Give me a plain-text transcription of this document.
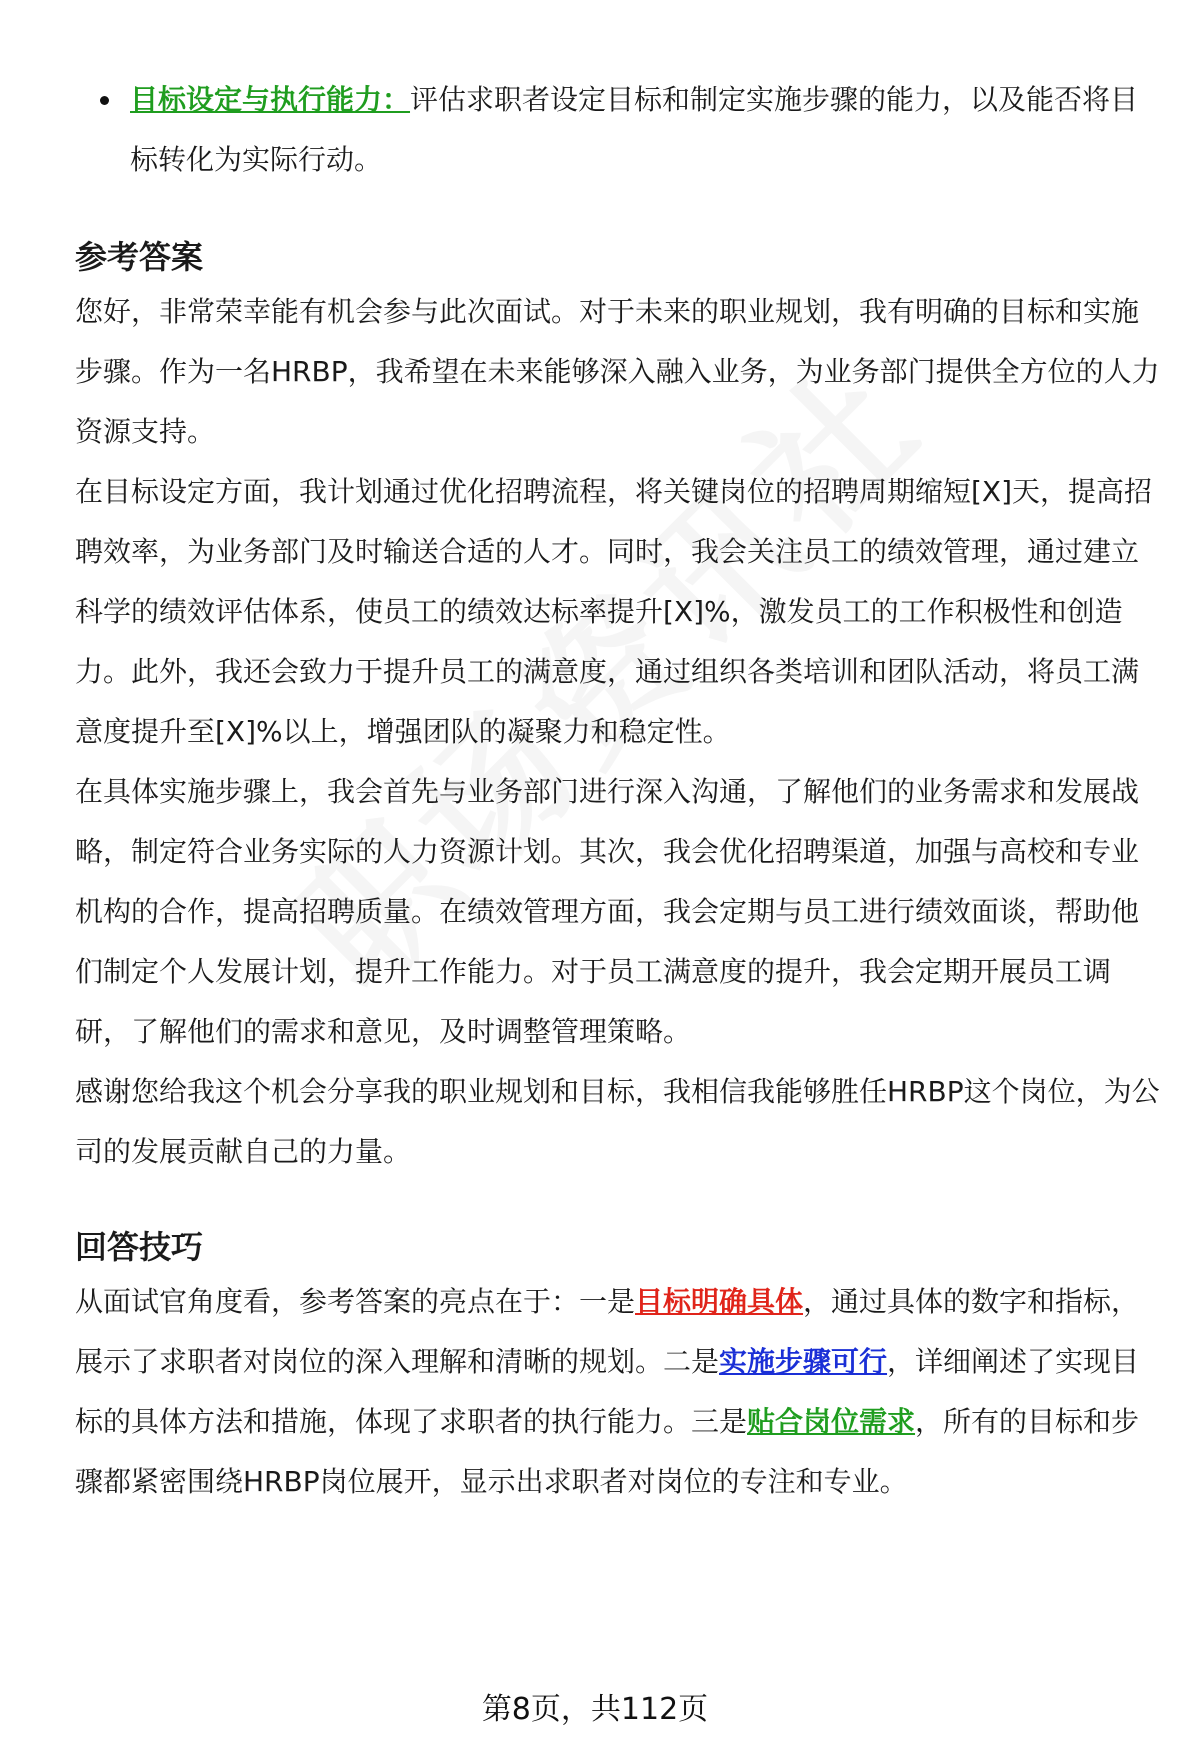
目标设定与执行能力：评估求职者设定目标和制定实施步骤的能力，以及能否将目标转化为实际行动。
参考答案

您好，非常荣幸能有机会参与此次面试。对于未来的职业规划，我有明确的目标和实施步骤。作为一名HRBP，我希望在未来能够深入融入业务，为业务部门提供全方位的人力资源支持。

在目标设定方面，我计划通过优化招聘流程，将关键岗位的招聘周期缩短[X]天，提高招聘效率，为业务部门及时输送合适的人才。同时，我会关注员工的绩效管理，通过建立科学的绩效评估体系，使员工的绩效达标率提升[X]%，激发员工的工作积极性和创造力。此外，我还会致力于提升员工的满意度，通过组织各类培训和团队活动，将员工满意度提升至[X]%以上，增强团队的凝聚力和稳定性。

在具体实施步骤上，我会首先与业务部门进行深入沟通，了解他们的业务需求和发展战略，制定符合业务实际的人力资源计划。其次，我会优化招聘渠道，加强与高校和专业机构的合作，提高招聘质量。在绩效管理方面，我会定期与员工进行绩效面谈，帮助他们制定个人发展计划，提升工作能力。对于员工满意度的提升，我会定期开展员工调研，了解他们的需求和意见，及时调整管理策略。

感谢您给我这个机会分享我的职业规划和目标，我相信我能够胜任HRBP这个岗位，为公司的发展贡献自己的力量。

回答技巧

从面试官角度看，参考答案的亮点在于：一是目标明确具体，通过具体的数字和指标，展示了求职者对岗位的深入理解和清晰的规划。二是实施步骤可行，详细阐述了实现目标的具体方法和措施，体现了求职者的执行能力。三是贴合岗位需求，所有的目标和步骤都紧密围绕HRBP岗位展开，显示出求职者对岗位的专注和专业。

第8页，共112页
